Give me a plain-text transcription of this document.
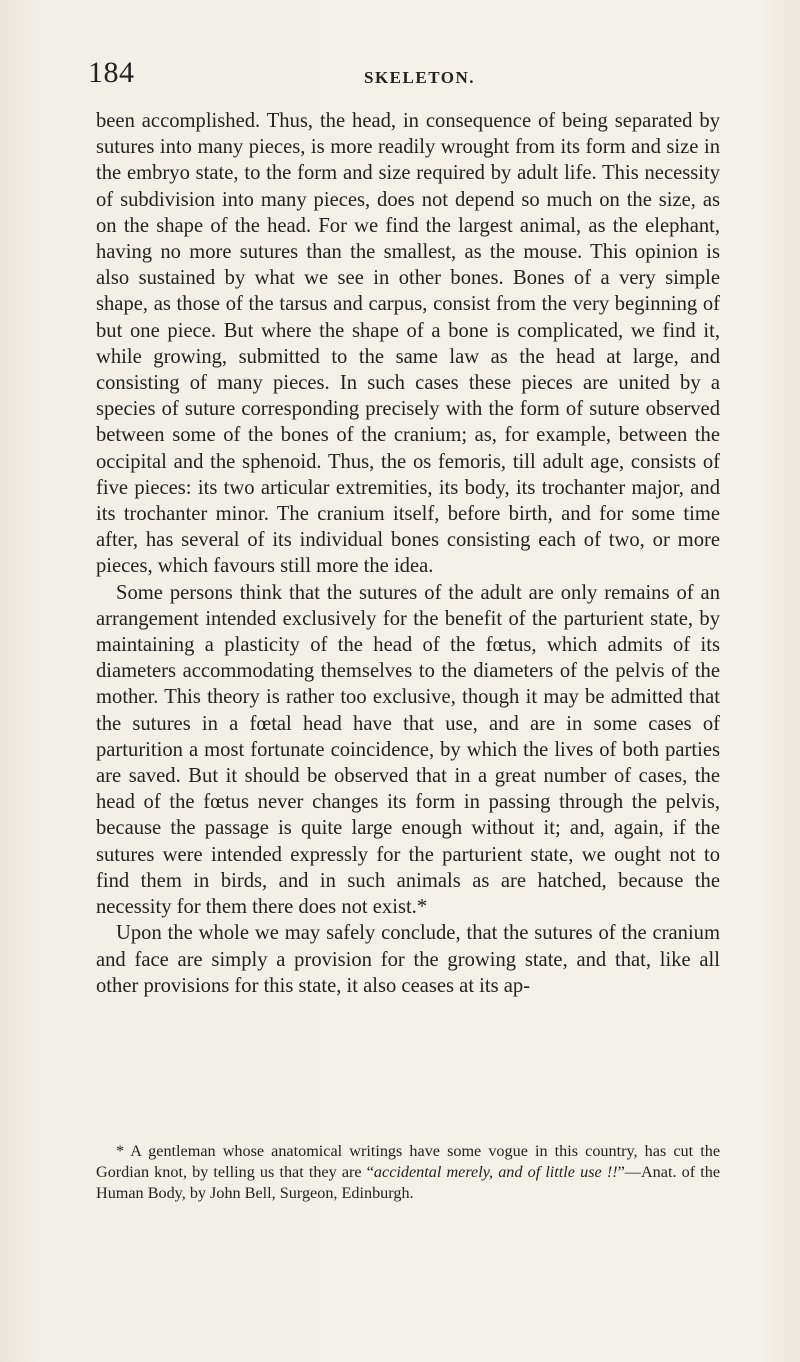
184	SKELETON.

been accomplished. Thus, the head, in consequence of being separated by sutures into many pieces, is more readily wrought from its form and size in the embryo state, to the form and size required by adult life. This necessity of subdivision into many pieces, does not depend so much on the size, as on the shape of the head. For we find the largest animal, as the elephant, having no more sutures than the smallest, as the mouse. This opinion is also sustained by what we see in other bones. Bones of a very simple shape, as those of the tarsus and carpus, consist from the very beginning of but one piece. But where the shape of a bone is complicated, we find it, while growing, submitted to the same law as the head at large, and consisting of many pieces. In such cases these pieces are united by a species of suture corresponding precisely with the form of suture observed between some of the bones of the cranium; as, for example, between the occipital and the sphenoid. Thus, the os femoris, till adult age, consists of five pieces: its two articular extremities, its body, its trochanter major, and its trochanter minor. The cranium itself, before birth, and for some time after, has several of its individual bones consisting each of two, or more pieces, which favours still more the idea.

Some persons think that the sutures of the adult are only remains of an arrangement intended exclusively for the benefit of the parturient state, by maintaining a plasticity of the head of the fœtus, which admits of its diameters accommodating themselves to the diameters of the pelvis of the mother. This theory is rather too exclusive, though it may be admitted that the sutures in a fœtal head have that use, and are in some cases of parturition a most fortunate coincidence, by which the lives of both parties are saved. But it should be observed that in a great number of cases, the head of the fœtus never changes its form in passing through the pelvis, because the passage is quite large enough without it; and, again, if the sutures were intended expressly for the parturient state, we ought not to find them in birds, and in such animals as are hatched, because the necessity for them there does not exist.*

Upon the whole we may safely conclude, that the sutures of the cranium and face are simply a provision for the growing state, and that, like all other provisions for this state, it also ceases at its ap-

* A gentleman whose anatomical writings have some vogue in this country, has cut the Gordian knot, by telling us that they are “accidental merely, and of little use !!”—Anat. of the Human Body, by John Bell, Surgeon, Edinburgh.
